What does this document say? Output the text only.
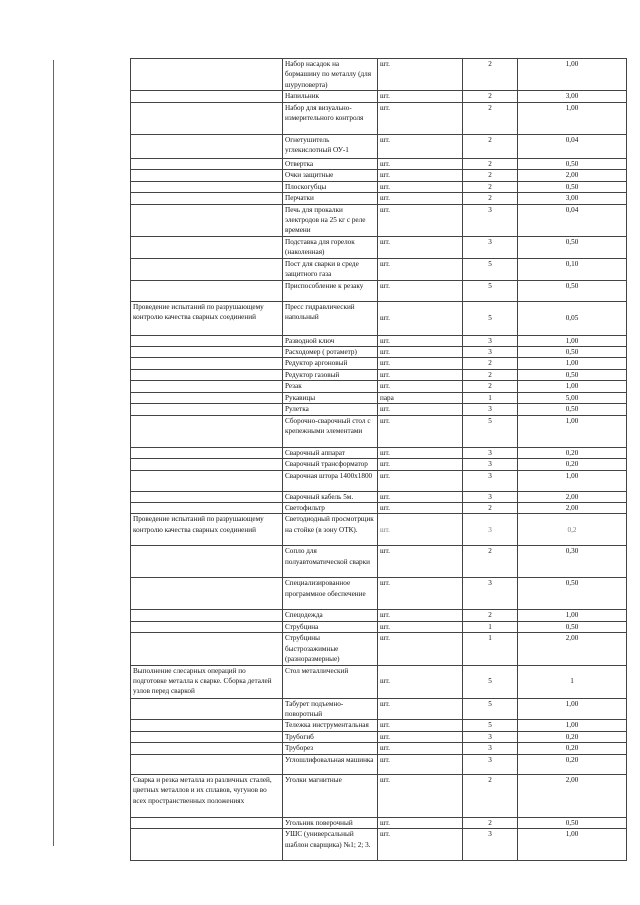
	Набор насадок на бормашину по металлу (для шуруповерта)	шт.	2	1,00
	Напильник	шт.	2	3,00
	Набор для визуально-измерительного контроля	шт.	2	1,00
	Огнетушитель углекислотный ОУ-1	шт.	2	0,04
	Отвертка	шт.	2	0,50
	Очки защитные	шт.	2	2,00
	Плоскогубцы	шт.	2	0,50
	Перчатки	шт.	2	3,00
	Печь для прокалки электродов на 25 кг с реле времени	шт.	3	0,04
	Подставка для горелок (наколенная)	шт.	3	0,50
	Пост для сварки в среде защитного газа	шт.	5	0,10
	Приспособление к резаку	шт.	5	0,50
Проведение испытаний по разрушающему контролю качества сварных соединений	Пресс гидравлический напольный	шт.	5	0,05
	Разводной ключ	шт.	3	1,00
	Расходомер ( ротаметр)	шт.	3	0,50
	Редуктор аргоновый	шт.	2	1,00
	Редуктор газовый	шт.	2	0,50
	Резак	шт.	2	1,00
	Рукавицы	пара	1	5,00
	Рулетка	шт.	3	0,50
	Сборочно-сварочный стол с крепежными элементами	шт.	5	1,00
	Сварочный аппарат	шт.	3	0,20
	Сварочный трансформатор	шт.	3	0,20
	Сварочная штора 1400х1800	шт.	3	1,00
	Сварочный кабель 5м.	шт.	3	2,00
	Светофильтр	шт.	2	2,00
Проведение испытаний по разрушающему контролю качества сварных соединений	Светодиодный просмотрщик на стойке (в зону ОТК).	шт.	3	0,2
	Сопло для полуавтоматической сварки	шт.	2	0,30
	Специализированное программное обеспечение	шт.	3	0,50
	Спецодежда	шт.	2	1,00
	Струбцина	шт.	1	0,50
	Струбцины быстрозажимные (разноразмерные)	шт.	1	2,00
Выполнение слесарных операций по подготовке металла к сварке. Сборка деталей узлов перед сваркой	Стол металлический	шт.	5	1
	Табурет подъемно-поворотный	шт.	5	1,00
	Тележка инструментальная	шт.	5	1,00
	Трубогиб	шт.	3	0,20
	Труборез	шт.	3	0,20
	Углошлифовальная машинка	шт.	3	0,20
Сварка и резка металла из различных сталей, цветных металлов и их сплавов, чугунов во всех пространственных положениях	Уголки магнитные	шт.	2	2,00
	Угольник поверочный	шт.	2	0,50
	УШС (универсальный шаблон сварщика) №1; 2; 3.	шт.	3	1,00
